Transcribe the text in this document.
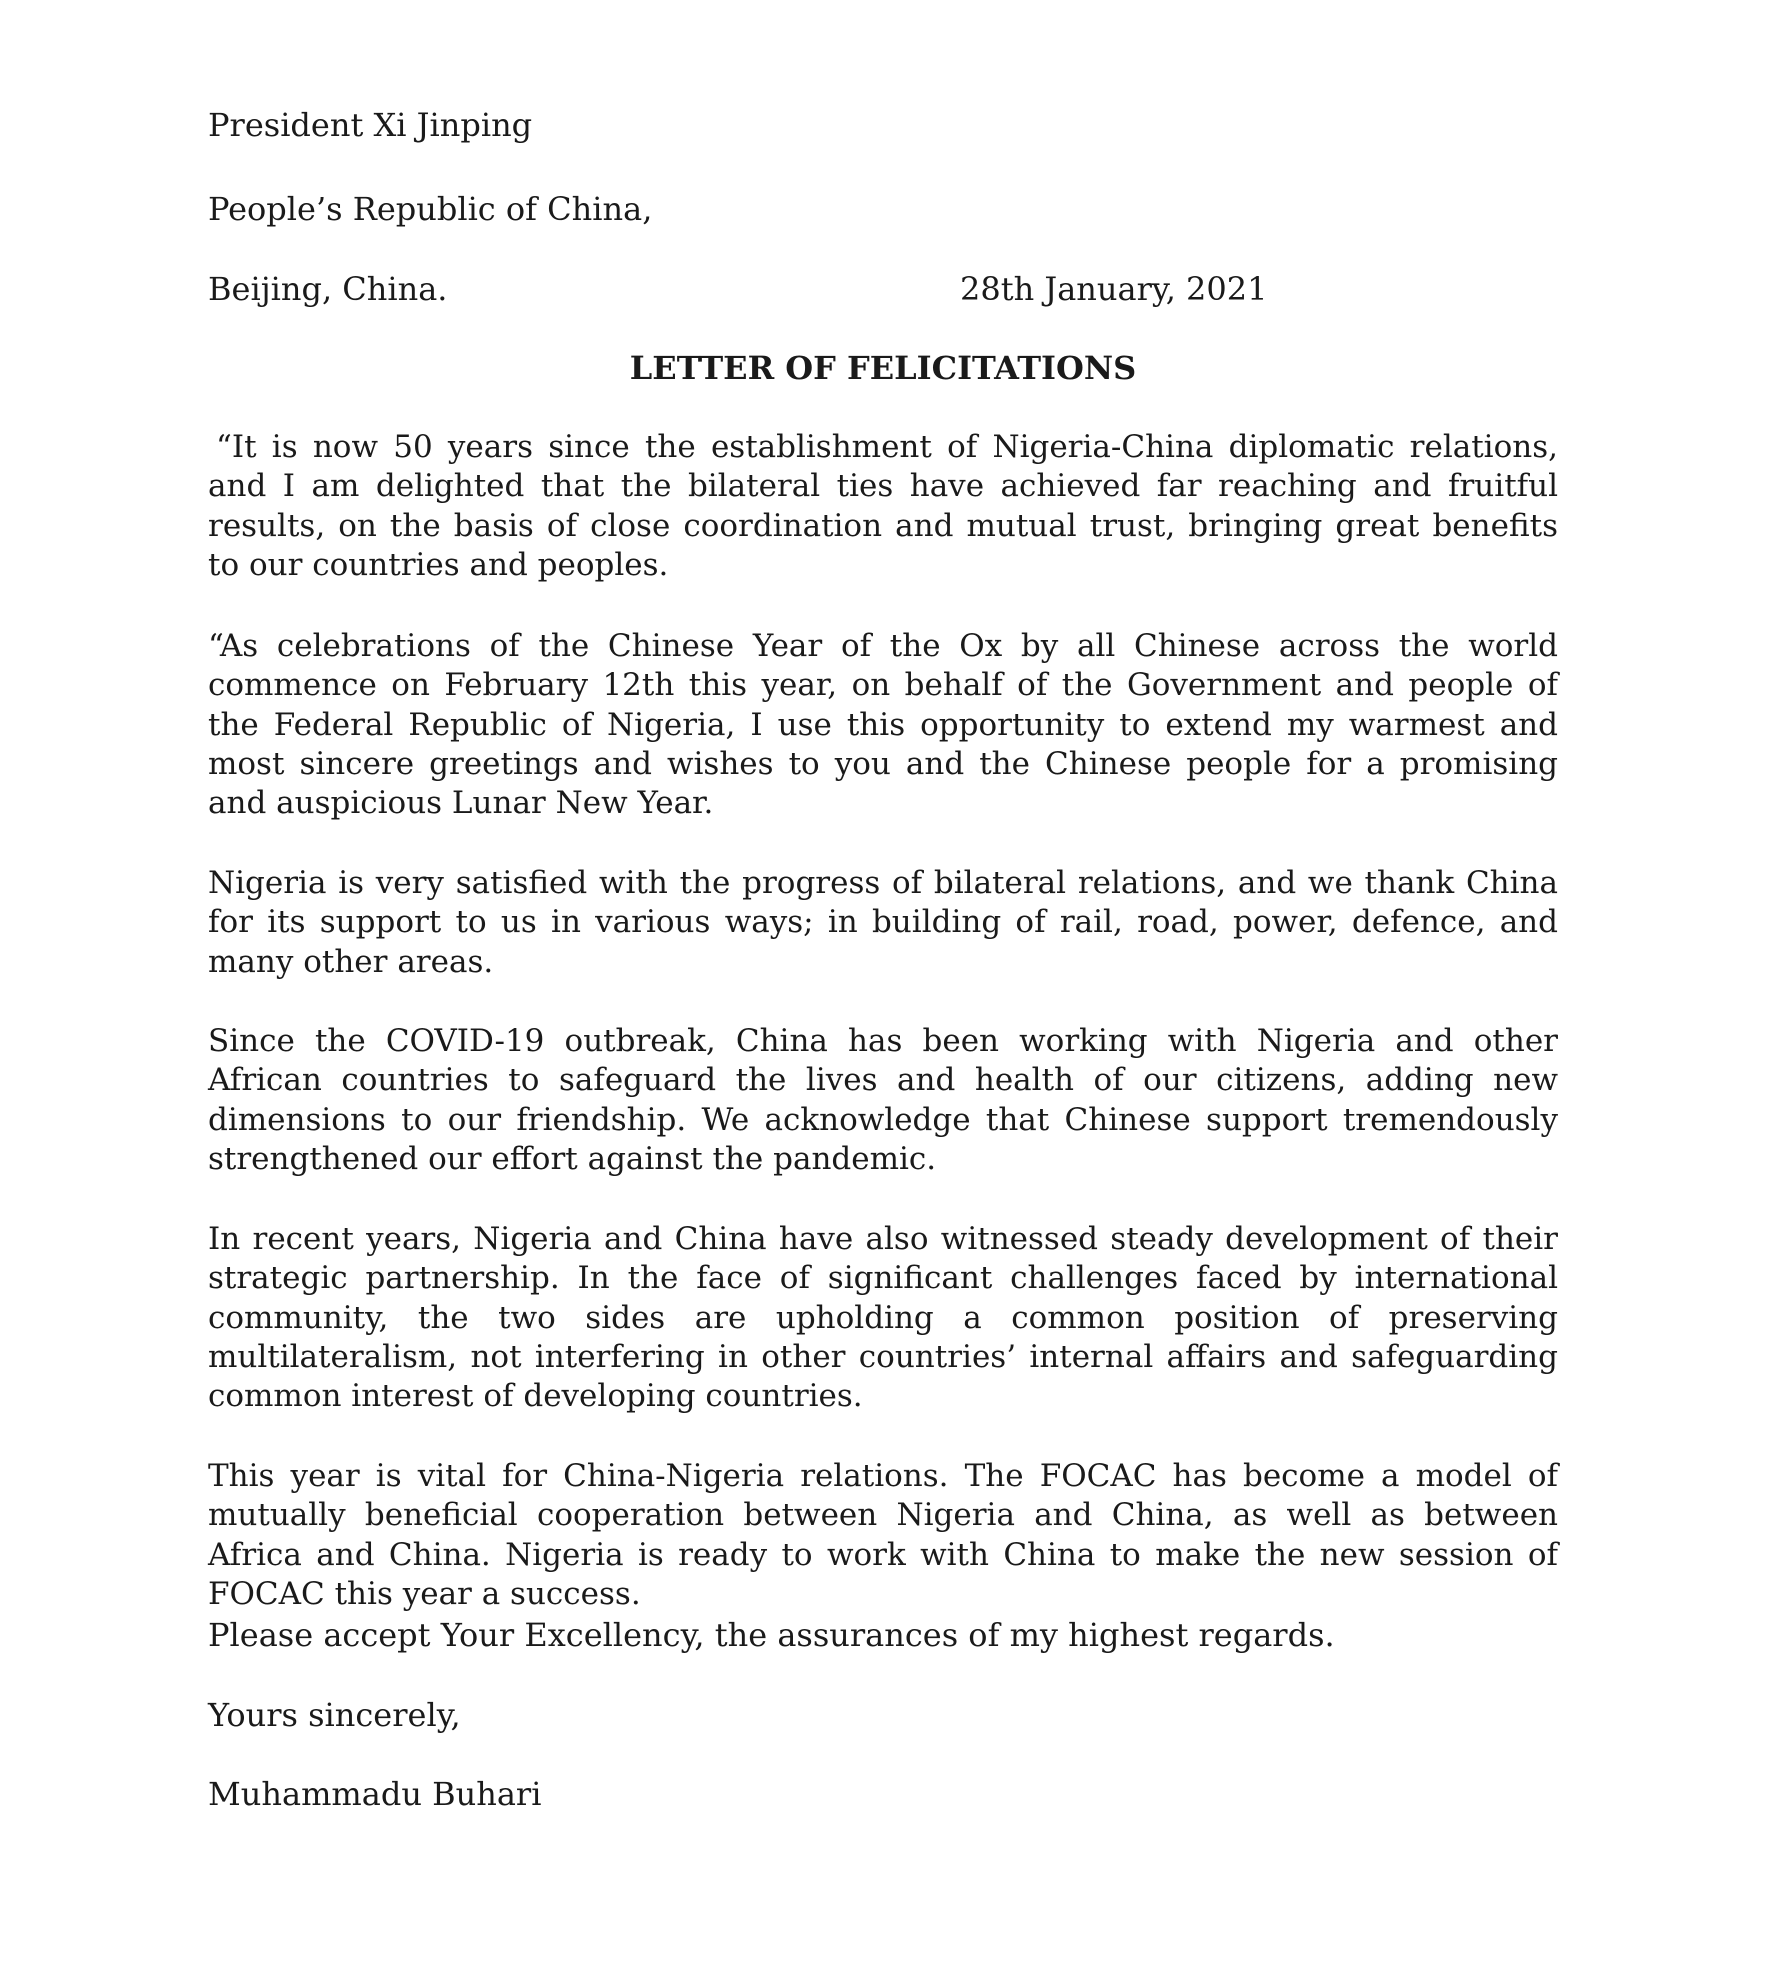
President Xi Jinping

People’s Republic of China,

Beijing, China.	28th January, 2021
LETTER OF FELICITATIONS

“It is now 50 years since the establishment of Nigeria-China diplomatic relations, and I am delighted that the bilateral ties have achieved far reaching and fruitful results, on the basis of close coordination and mutual trust, bringing great benefits to our countries and peoples.

“As celebrations of the Chinese Year of the Ox by all Chinese across the world commence on February 12th this year, on behalf of the Government and people of the Federal Republic of Nigeria, I use this opportunity to extend my warmest and most sincere greetings and wishes to you and the Chinese people for a promising and auspicious Lunar New Year.

Nigeria is very satisfied with the progress of bilateral relations, and we thank China for its support to us in various ways; in building of rail, road, power, defence, and many other areas.

Since the COVID-19 outbreak, China has been working with Nigeria and other African countries to safeguard the lives and health of our citizens, adding new dimensions to our friendship. We acknowledge that Chinese support tremendously strengthened our effort against the pandemic.

In recent years, Nigeria and China have also witnessed steady development of their strategic partnership. In the face of significant challenges faced by international community, the two sides are upholding a common position of preserving multilateralism, not interfering in other countries’ internal affairs and safeguarding common interest of developing countries.

This year is vital for China-Nigeria relations. The FOCAC has become a model of mutually beneficial cooperation between Nigeria and China, as well as between Africa and China. Nigeria is ready to work with China to make the new session of FOCAC this year a success.

Please accept Your Excellency, the assurances of my highest regards.

Yours sincerely,

Muhammadu Buhari
